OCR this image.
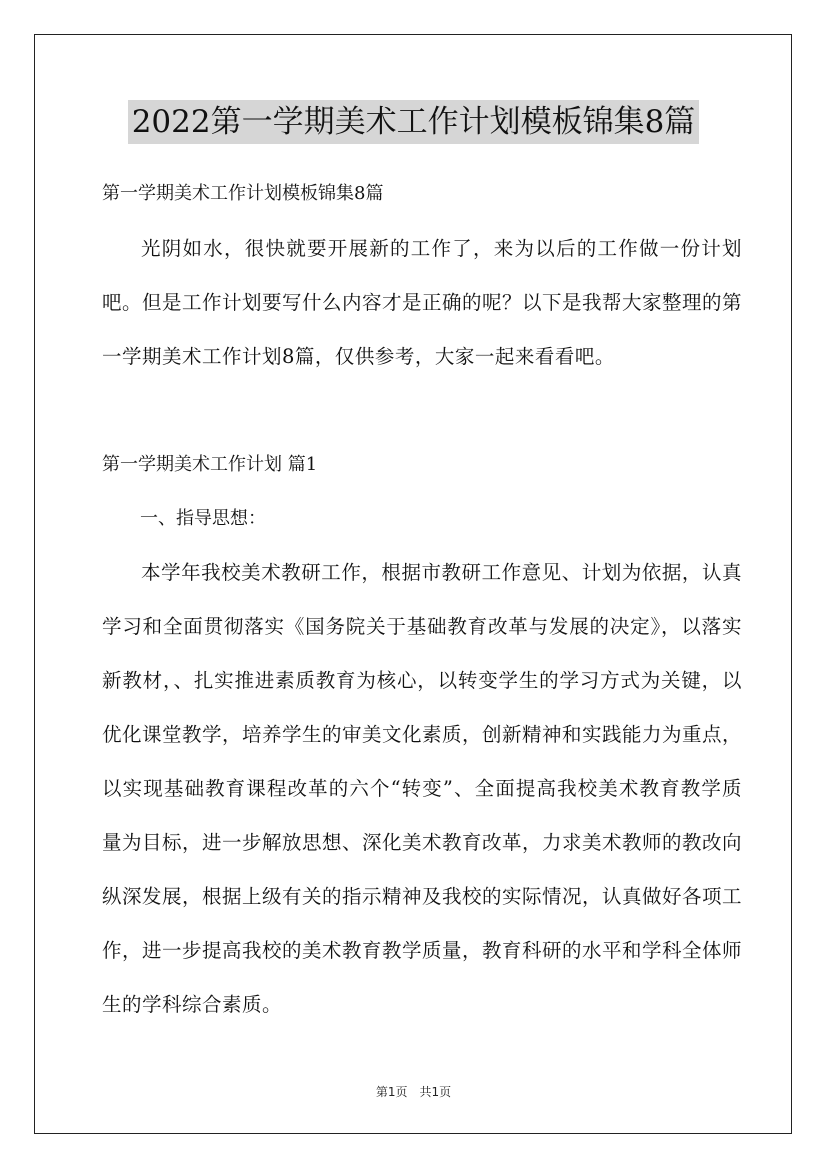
2022第一学期美术工作计划模板锦集8篇

第一学期美术工作计划模板锦集8篇

光阴如水，很快就要开展新的工作了，来为以后的工作做一份计划吧。但是工作计划要写什么内容才是正确的呢？以下是我帮大家整理的第一学期美术工作计划8篇，仅供参考，大家一起来看看吧。

第一学期美术工作计划 篇1

一、指导思想：

本学年我校美术教研工作，根据市教研工作意见、计划为依据，认真学习和全面贯彻落实《国务院关于基础教育改革与发展的决定》，以落实新教材，、扎实推进素质教育为核心，以转变学生的学习方式为关键，以优化课堂教学，培养学生的审美文化素质，创新精神和实践能力为重点，以实现基础教育课程改革的六个“转变”、全面提高我校美术教育教学质量为目标，进一步解放思想、深化美术教育改革，力求美术教师的教改向纵深发展，根据上级有关的指示精神及我校的实际情况，认真做好各项工作，进一步提高我校的美术教育教学质量，教育科研的水平和学科全体师生的学科综合素质。

第1页　共1页
